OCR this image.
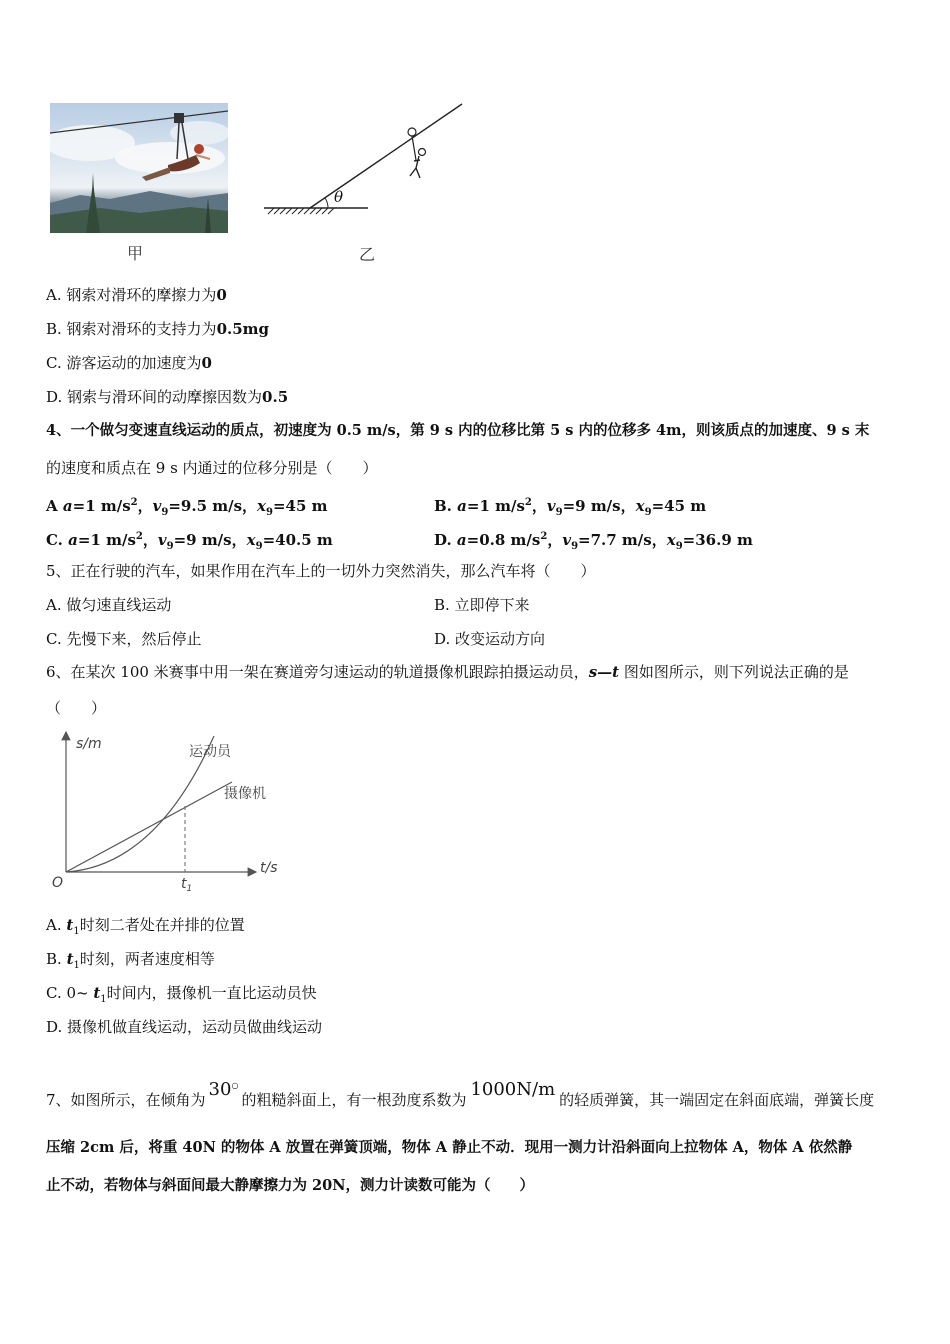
甲
θ
乙
A. 钢索对滑环的摩擦力为0
B. 钢索对滑环的支持力为0.5mg
C. 游客运动的加速度为0
D. 钢索与滑环间的动摩擦因数为0.5
4、一个做匀变速直线运动的质点，初速度为 0.5 m/s，第 9 s 内的位移比第 5 s 内的位移多 4m，则该质点的加速度、9 s 末
的速度和质点在 9 s 内通过的位移分别是（　　）
A a=1 $m/s^2$，$v_9=9.5$ m/s，$x_9=45$ m	B. a=1 $m/s^2$，$v_9=9$ m/s，$x_9=45$ m
C. a=1 $m/s^2$，$v_9=9$ m/s，$x_9=40.5$ m	D. a=0.8 $m/s^2$，$v_9=7.7$ m/s，$x_9=36.9$ m
5、正在行驶的汽车，如果作用在汽车上的一切外力突然消失，那么汽车将（　　）
A. 做匀速直线运动	B. 立即停下来
C. 先慢下来，然后停止	D. 改变运动方向
6、在某次 100 米赛事中用一架在赛道旁匀速运动的轨道摄像机跟踪拍摄运动员，s—t 图如图所示，则下列说法正确的是
（　　）
s/m
t/s
O	$t_1$
运动员
摄像机
A. $t_1$时刻二者处在并排的位置
B. $t_1$时刻，两者速度相等
C. 0~ $t_1$时间内，摄像机一直比运动员快
D. 摄像机做直线运动，运动员做曲线运动
7、如图所示，在倾角为 30○的粗糙斜面上，有一根劲度系数为 1000N/m 的轻质弹簧，其一端固定在斜面底端，弹簧长度
压缩 2cm 后，将重 40N 的物体 A 放置在弹簧顶端，物体 A 静止不动．现用一测力计沿斜面向上拉物体 A，物体 A 依然静
止不动，若物体与斜面间最大静摩擦力为 20N，测力计读数可能为（　　）
